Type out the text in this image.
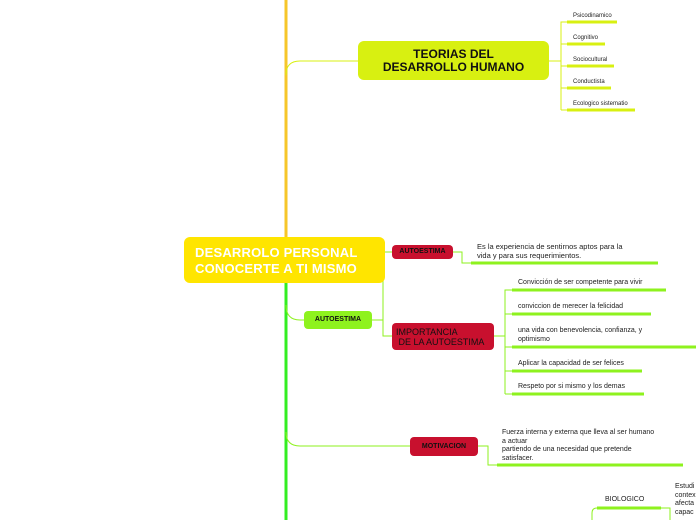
DESARROLO PERSONAL
CONOCERTE A TI MISMO
TEORIAS DEL
DESARROLLO HUMANO
Psicodinamico
Cognitivo
Sociocultural
Conductista
Ecologico sistematio
AUTOESTIMA
AUTOESTIMA
Es la experiencia de sentirnos aptos para la
vida y para sus requerimientos.
IMPORTANCIA
DE LA AUTOESTIMA
Convicción de ser competente para vivir
conviccion de merecer la felicidad
una vida con benevolencia, confianza, y
optimismo
Aplicar la capacidad de ser felices
Respeto por si mismo y los demas
MOTIVACION
Fuerza interna y externa que lleva al ser humano
a actuar
partiendo de una necesidad que pretende
satisfacer.
BIOLOGICO
Estudi
contex
afecta
capac
